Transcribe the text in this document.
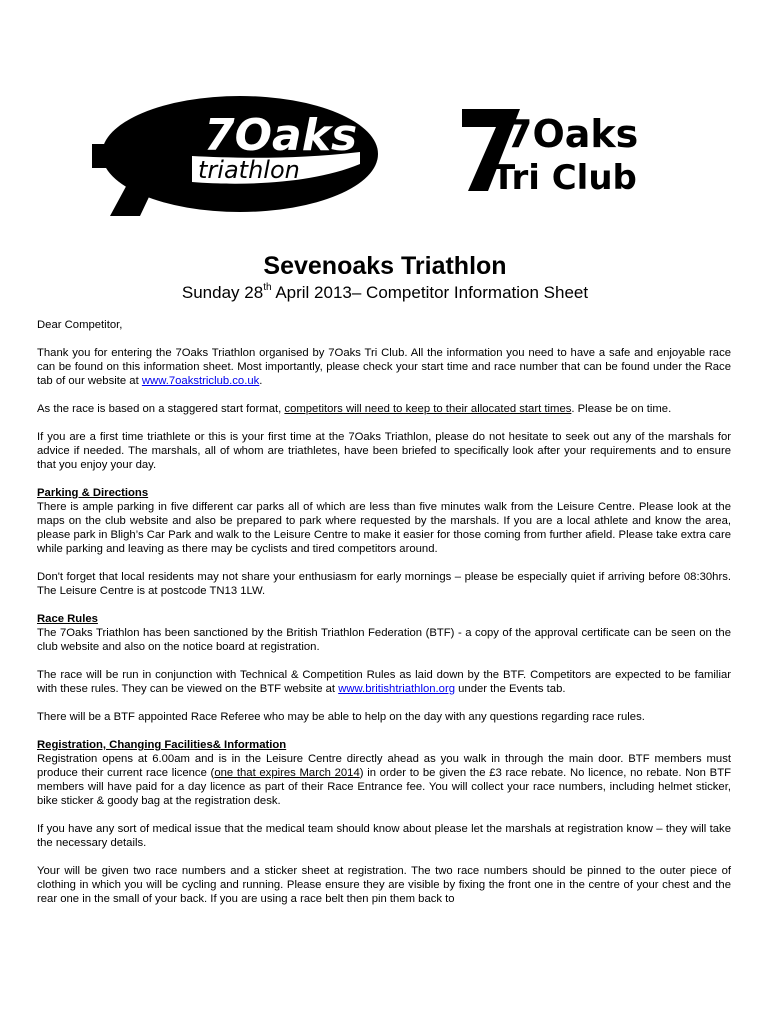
7Oaks
triathlon
7Oaks
Tri Club
Sevenoaks Triathlon

Sunday 28th April 2013– Competitor Information Sheet

Dear Competitor,

Thank you for entering the 7Oaks Triathlon organised by 7Oaks Tri Club. All the information you need to have a safe and enjoyable race can be found on this information sheet. Most importantly, please check your start time and race number that can be found under the Race tab of our website at www.7oakstriclub.co.uk.

As the race is based on a staggered start format, competitors will need to keep to their allocated start times. Please be on time.

If you are a first time triathlete or this is your first time at the 7Oaks Triathlon, please do not hesitate to seek out any of the marshals for advice if needed. The marshals, all of whom are triathletes, have been briefed to specifically look after your requirements and to ensure that you enjoy your day.

Parking & Directions

There is ample parking in five different car parks all of which are less than five minutes walk from the Leisure Centre. Please look at the maps on the club website and also be prepared to park where requested by the marshals. If you are a local athlete and know the area, please park in Bligh’s Car Park and walk to the Leisure Centre to make it easier for those coming from further afield. Please take extra care while parking and leaving as there may be cyclists and tired competitors around.

Don't forget that local residents may not share your enthusiasm for early mornings – please be especially quiet if arriving before 08:30hrs. The Leisure Centre is at postcode TN13 1LW.

Race Rules

The 7Oaks Triathlon has been sanctioned by the British Triathlon Federation (BTF) - a copy of the approval certificate can be seen on the club website and also on the notice board at registration.

The race will be run in conjunction with Technical & Competition Rules as laid down by the BTF. Competitors are expected to be familiar with these rules. They can be viewed on the BTF website at www.britishtriathlon.org under the Events tab.

There will be a BTF appointed Race Referee who may be able to help on the day with any questions regarding race rules.

Registration, Changing Facilities& Information

Registration opens at 6.00am and is in the Leisure Centre directly ahead as you walk in through the main door. BTF members must produce their current race licence (one that expires March 2014) in order to be given the £3 race rebate. No licence, no rebate. Non BTF members will have paid for a day licence as part of their Race Entrance fee. You will collect your race numbers, including helmet sticker, bike sticker & goody bag at the registration desk.

If you have any sort of medical issue that the medical team should know about please let the marshals at registration know – they will take the necessary details.

Your will be given two race numbers and a sticker sheet at registration. The two race numbers should be pinned to the outer piece of clothing in which you will be cycling and running. Please ensure they are visible by fixing the front one in the centre of your chest and the rear one in the small of your back. If you are using a race belt then pin them back to
